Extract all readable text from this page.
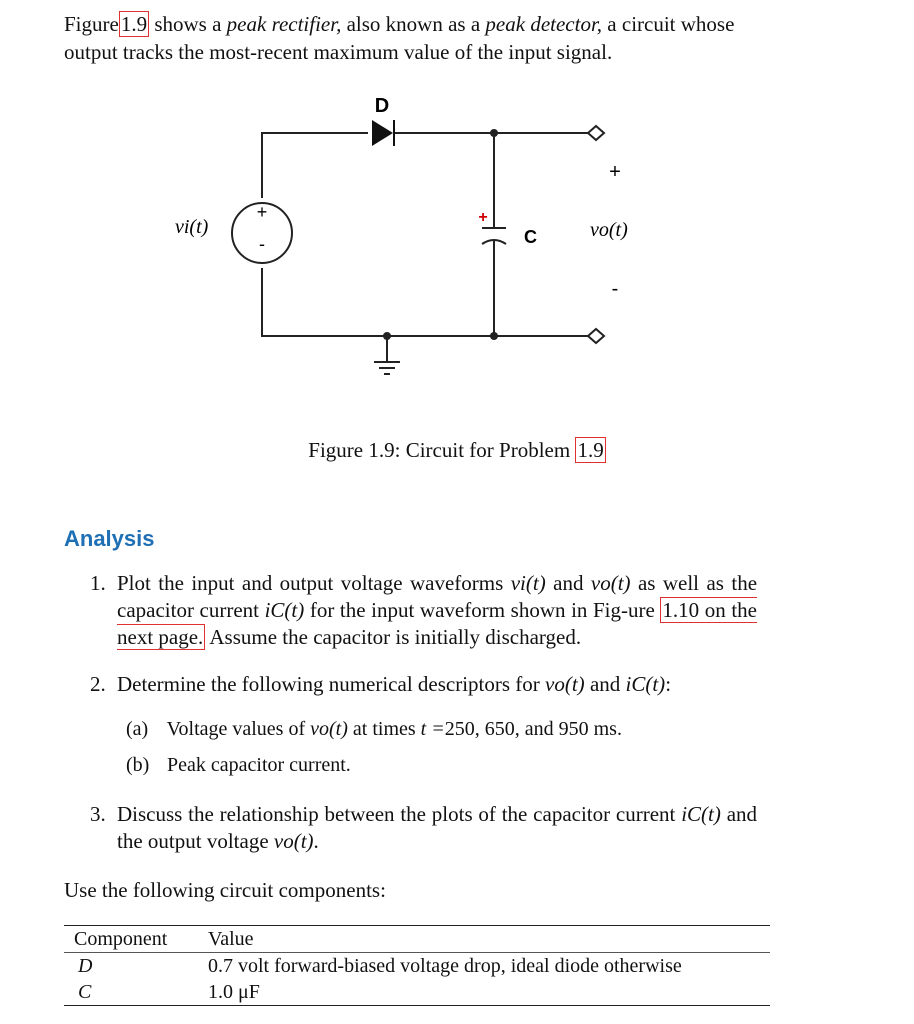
Figure1.9 shows a peak rectifier, also known as a peak detector, a circuit whose output tracks the most-recent maximum value of the input signal.
D
+
-
vi(t)	+
C
+
-
vo(t)
Figure 1.9: Circuit for Problem 1.9
Analysis
1. Plot the input and output voltage waveforms vi(t) and vo(t) as well as the capacitor current iC(t) for the input waveform shown in Fig-ure 1.10 on the next page. Assume the capacitor is initially discharged.
2. Determine the following numerical descriptors for vo(t) and iC(t):
(a) Voltage values of vo(t) at times t =250, 650, and 950 ms.
(b) Peak capacitor current.
3. Discuss the relationship between the plots of the capacitor current iC(t) and the output voltage vo(t).
Use the following circuit components:
Component	Value
D	0.7 volt forward-biased voltage drop, ideal diode otherwise
C	1.0 μF
